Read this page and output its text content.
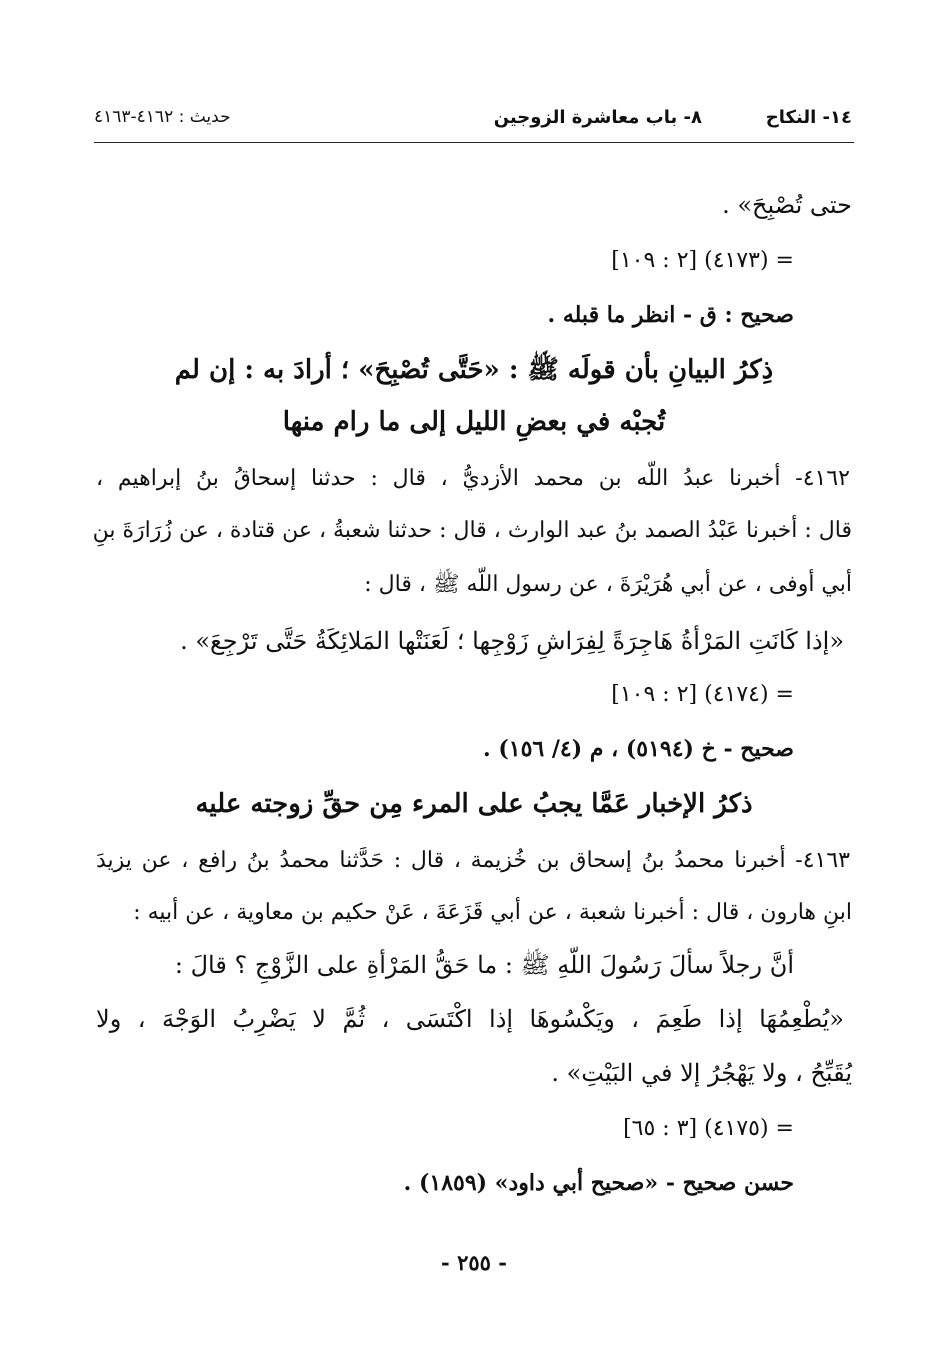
١٤- النكاح
٨- باب معاشرة الزوجين
حديث : ٤١٦٢-٤١٦٣
حتى تُصْبِحَ» .
= (٤١٧٣) [٢ : ١٠٩]
صحيح : ق - انظر ما قبله .
ذِكرُ البيانِ بأن قولَه ﷺ : «حَتَّى تُصْبِحَ» ؛ أرادَ به : إن لم
تُجبْه في بعضِ الليل إلى ما رام منها
٤١٦٢- أخبرنا عبدُ اللّه بن محمد الأزديُّ ، قال : حدثنا إسحاقُ بنُ إبراهيم ،
قال : أخبرنا عَبْدُ الصمد بنُ عبد الوارث ، قال : حدثنا شعبةُ ، عن قتادة ، عن زُرَارَةَ بنِ
أبي أوفى ، عن أبي هُرَيْرَةَ ، عن رسول اللّه ﷺ ، قال :
«إذا كَانَتِ المَرْأةُ هَاجِرَةً لِفِرَاشِ زَوْجِها ؛ لَعَنَتْها المَلائِكَةُ حَتَّى تَرْجِعَ» .
= (٤١٧٤) [٢ : ١٠٩]
صحيح - خ (٥١٩٤) ، م (٤/ ١٥٦) .
ذكرُ الإخبار عَمَّا يجبُ على المرء مِن حقِّ زوجته عليه
٤١٦٣- أخبرنا محمدُ بنُ إسحاق بن خُزيمة ، قال : حَدَّثنا محمدُ بنُ رافع ، عن يزيدَ
ابنِ هارون ، قال : أخبرنا شعبة ، عن أبي قَزَعَةَ ، عَنْ حكيم بن معاوية ، عن أبيه :
أنَّ رجلاً سألَ رَسُولَ اللّهِ ﷺ : ما حَقُّ المَرْأةِ على الزَّوْجِ ؟ قالَ :
«يُطْعِمُهَا إذا طَعِمَ ، ويَكْسُوهَا إذا اكْتَسَى ، ثُمَّ لا يَضْرِبُ الوَجْهَ ، ولا
يُقَبِّحُ ، ولا يَهْجُرُ إلا في البَيْتِ» .
= (٤١٧٥) [٣ : ٦٥]
حسن صحيح - «صحيح أبي داود» (١٨٥٩) .
- ٢٥٥ -
